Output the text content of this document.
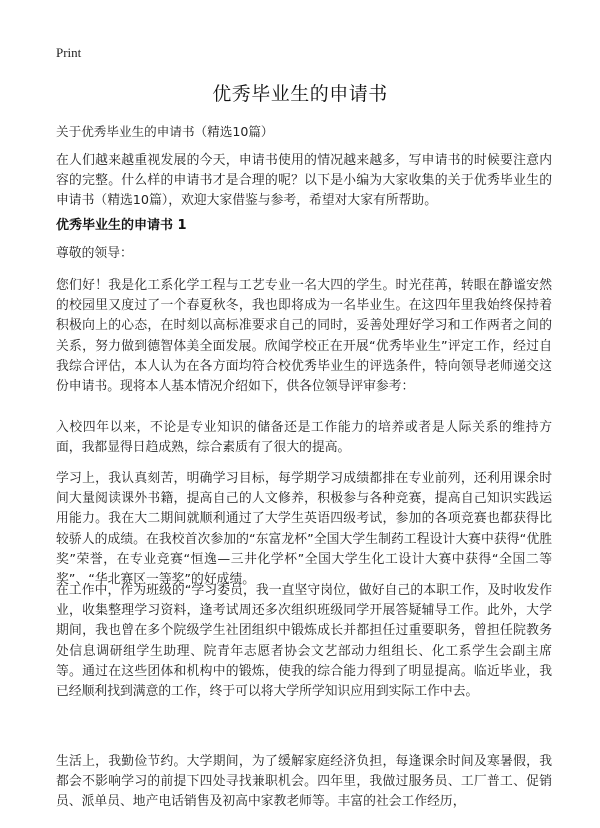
Print
优秀毕业生的申请书

关于优秀毕业生的申请书（精选10篇）

在人们越来越重视发展的今天，申请书使用的情况越来越多，写申请书的时候要注意内容的完整。什么样的申请书才是合理的呢？以下是小编为大家收集的关于优秀毕业生的申请书（精选10篇），欢迎大家借鉴与参考，希望对大家有所帮助。

优秀毕业生的申请书 1

尊敬的领导：

您们好！我是化工系化学工程与工艺专业一名大四的学生。时光荏苒，转眼在静谧安然的校园里又度过了一个春夏秋冬，我也即将成为一名毕业生。在这四年里我始终保持着积极向上的心态，在时刻以高标准要求自己的同时，妥善处理好学习和工作两者之间的关系，努力做到德智体美全面发展。欣闻学校正在开展“优秀毕业生”评定工作，经过自我综合评估，本人认为在各方面均符合校优秀毕业生的评选条件，特向领导老师递交这份申请书。现将本人基本情况介绍如下，供各位领导评审参考：

入校四年以来，不论是专业知识的储备还是工作能力的培养或者是人际关系的维持方面，我都显得日趋成熟，综合素质有了很大的提高。

学习上，我认真刻苦，明确学习目标，每学期学习成绩都排在专业前列，还利用课余时间大量阅读课外书籍，提高自己的人文修养，积极参与各种竞赛，提高自己知识实践运用能力。我在大二期间就顺利通过了大学生英语四级考试，参加的各项竞赛也都获得比较骄人的成绩。在我校首次参加的“东富龙杯”全国大学生制药工程设计大赛中获得“优胜奖”荣誉，在专业竞赛“恒逸—三井化学杯”全国大学生化工设计大赛中获得“全国二等奖”、“华北赛区一等奖”的好成绩。

在工作中，作为班级的“学习委员，我一直坚守岗位，做好自己的本职工作，及时收发作业，收集整理学习资料，逢考试周还多次组织班级同学开展答疑辅导工作。此外，大学期间，我也曾在多个院级学生社团组织中锻炼成长并都担任过重要职务，曾担任院教务处信息调研组学生助理、院青年志愿者协会文艺部动力组组长、化工系学生会副主席等。通过在这些团体和机构中的锻炼，使我的综合能力得到了明显提高。临近毕业，我已经顺利找到满意的工作，终于可以将大学所学知识应用到实际工作中去。

生活上，我勤俭节约。大学期间，为了缓解家庭经济负担，每逢课余时间及寒暑假，我都会不影响学习的前提下四处寻找兼职机会。四年里，我做过服务员、工厂普工、促销员、派单员、地产电话销售及初高中家教老师等。丰富的社会工作经历，
